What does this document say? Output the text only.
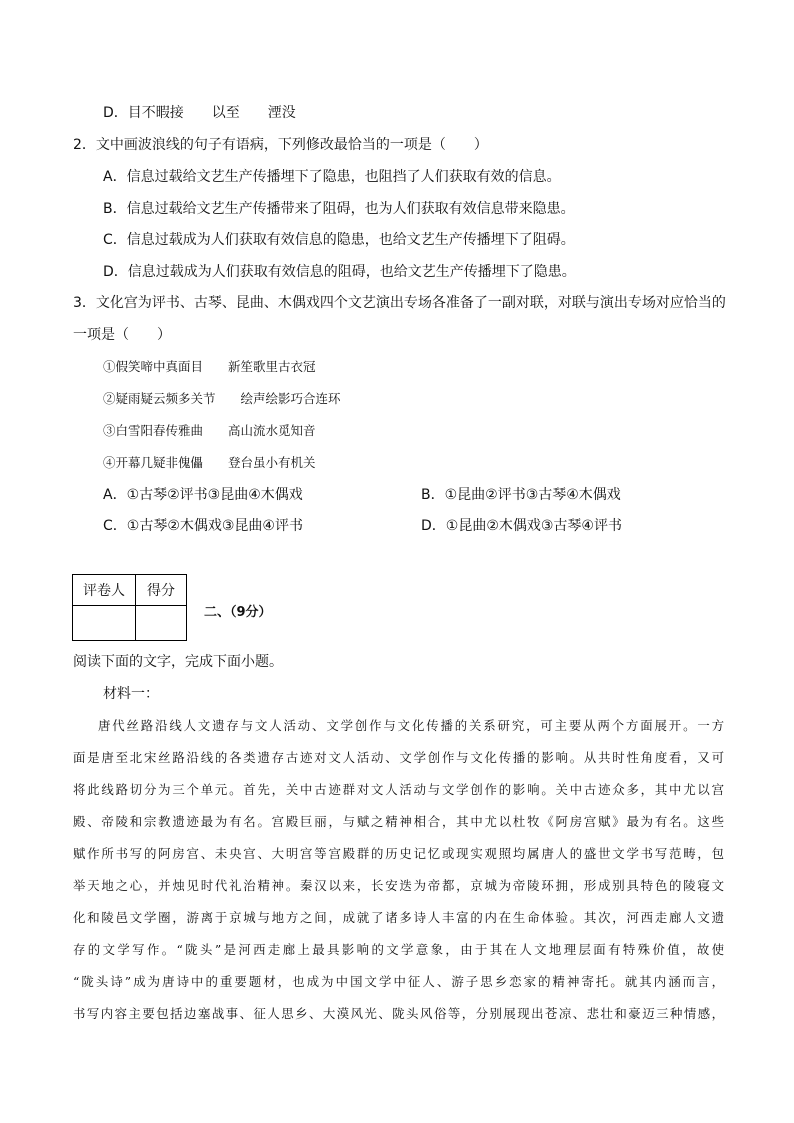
D．目不暇接　　以至　　湮没
2．文中画波浪线的句子有语病，下列修改最恰当的一项是（　　）
A．信息过载给文艺生产传播埋下了隐患，也阻挡了人们获取有效的信息。
B．信息过载给文艺生产传播带来了阻碍，也为人们获取有效信息带来隐患。
C．信息过载成为人们获取有效信息的隐患，也给文艺生产传播埋下了阻碍。
D．信息过载成为人们获取有效信息的阻碍，也给文艺生产传播埋下了隐患。
3．文化宫为评书、古琴、昆曲、木偶戏四个文艺演出专场各准备了一副对联，对联与演出专场对应恰当的
一项是（　　）
①假笑啼中真面目　　新笙歌里古衣冠
②疑雨疑云频多关节　　绘声绘影巧合连环
③白雪阳春传雅曲　　高山流水觅知音
④开幕几疑非傀儡　　登台虽小有机关
A．①古琴②评书③昆曲④木偶戏	B．①昆曲②评书③古琴④木偶戏
C．①古琴②木偶戏③昆曲④评书	D．①昆曲②木偶戏③古琴④评书
评卷人	得分

二、（9分）
阅读下面的文字，完成下面小题。
材料一：
唐代丝路沿线人文遗存与文人活动、文学创作与文化传播的关系研究，可主要从两个方面展开。一方
面是唐至北宋丝路沿线的各类遗存古迹对文人活动、文学创作与文化传播的影响。从共时性角度看，又可
将此线路切分为三个单元。首先，关中古迹群对文人活动与文学创作的影响。关中古迹众多，其中尤以宫
殿、帝陵和宗教遗迹最为有名。宫殿巨丽，与赋之精神相合，其中尤以杜牧《阿房宫赋》最为有名。这些
赋作所书写的阿房宫、未央宫、大明宫等宫殿群的历史记忆或现实观照均属唐人的盛世文学书写范畴，包
举天地之心，并烛见时代礼治精神。秦汉以来，长安迭为帝都，京城为帝陵环拥，形成别具特色的陵寝文
化和陵邑文学圈，游离于京城与地方之间，成就了诸多诗人丰富的内在生命体验。其次，河西走廊人文遗
存的文学写作。“陇头”是河西走廊上最具影响的文学意象，由于其在人文地理层面有特殊价值，故使
“陇头诗”成为唐诗中的重要题材，也成为中国文学中征人、游子思乡恋家的精神寄托。就其内涵而言，
书写内容主要包括边塞战事、征人思乡、大漠风光、陇头风俗等，分别展现出苍凉、悲壮和豪迈三种情感，
